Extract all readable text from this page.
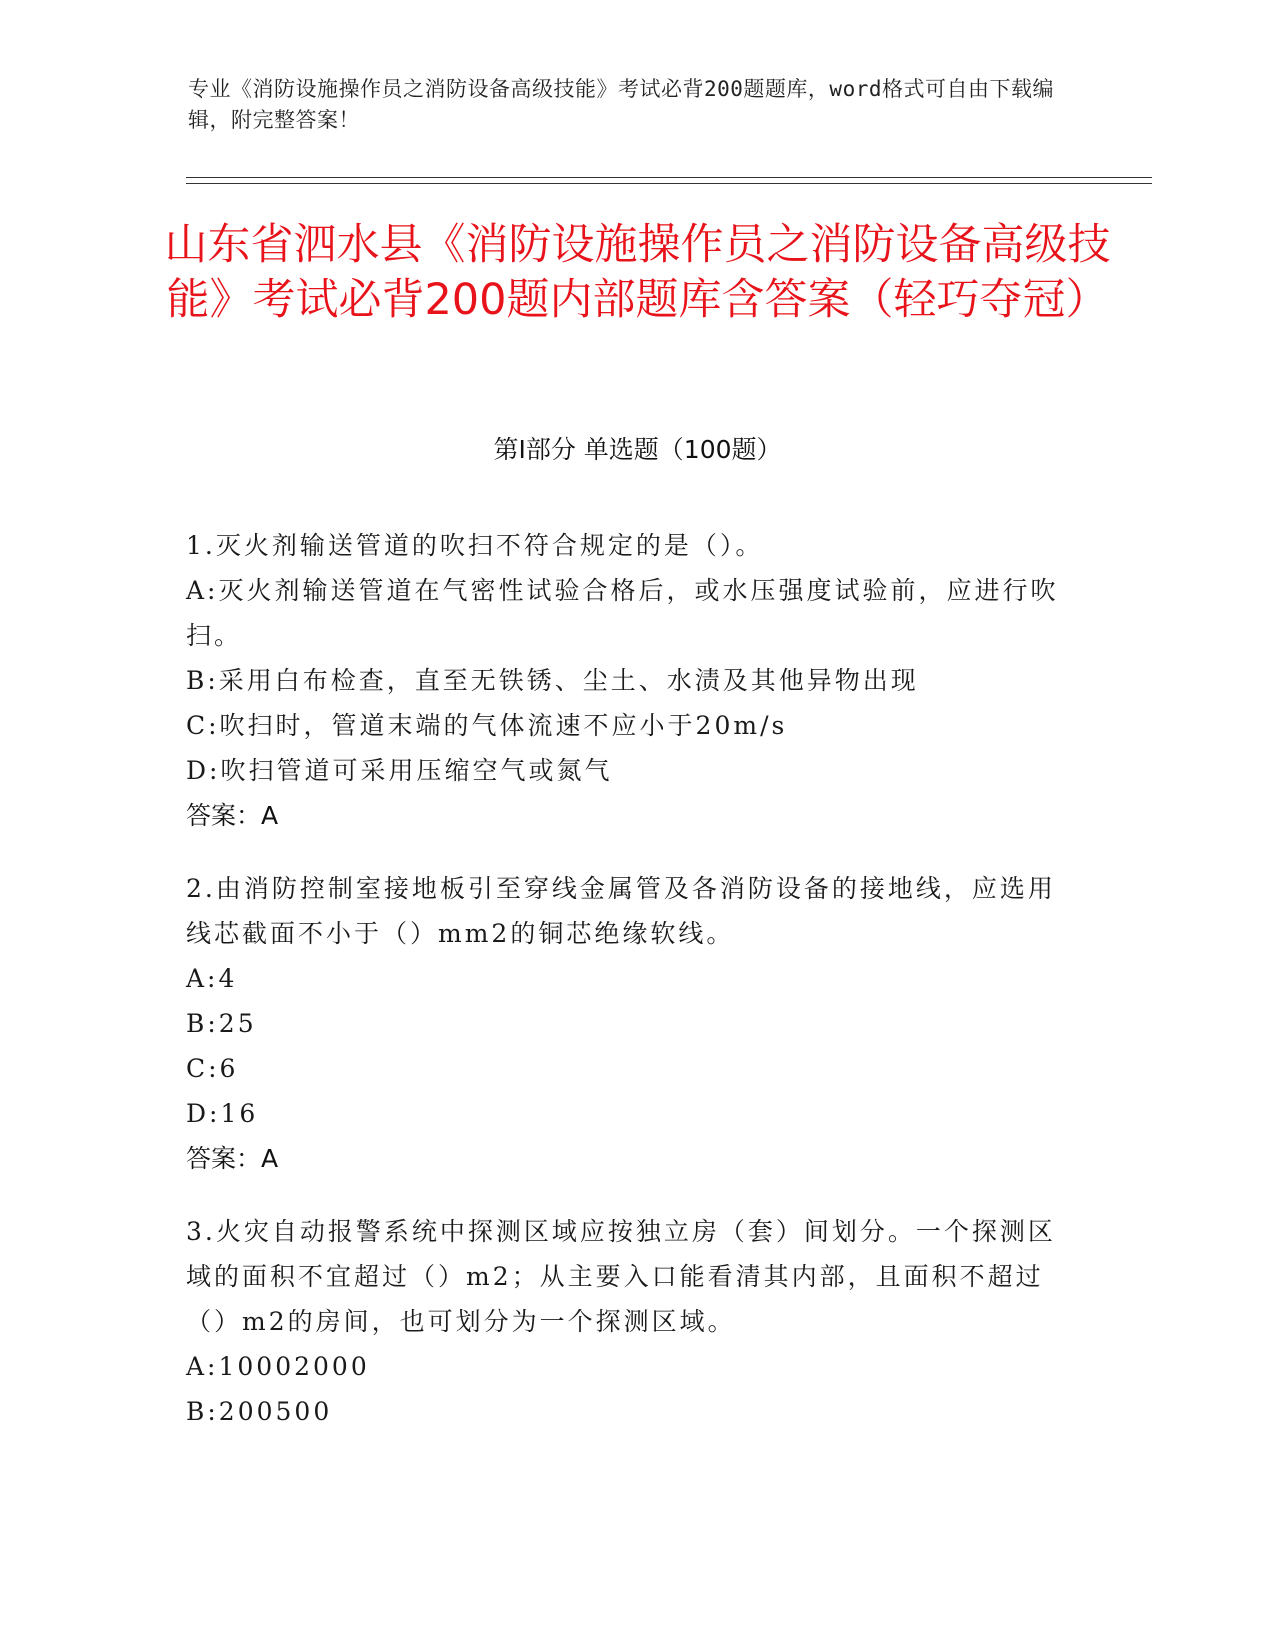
专业《消防设施操作员之消防设备高级技能》考试必背200题题库，word格式可自由下载编辑，附完整答案！
山东省泗水县《消防设施操作员之消防设备高级技能》考试必背200题内部题库含答案（轻巧夺冠）
第Ⅰ部分 单选题（100题）

1.灭火剂输送管道的吹扫不符合规定的是（）。

A:灭火剂输送管道在气密性试验合格后，或水压强度试验前，应进行吹扫。

B:采用白布检查，直至无铁锈、尘土、水渍及其他异物出现

C:吹扫时，管道末端的气体流速不应小于20m/s

D:吹扫管道可采用压缩空气或氮气

答案：A

2.由消防控制室接地板引至穿线金属管及各消防设备的接地线，应选用线芯截面不小于（）mm2的铜芯绝缘软线。

A:4

B:25

C:6

D:16

答案：A

3.火灾自动报警系统中探测区域应按独立房（套）间划分。一个探测区域的面积不宜超过（）m2；从主要入口能看清其内部，且面积不超过（）m2的房间，也可划分为一个探测区域。

A:10002000

B:200500
